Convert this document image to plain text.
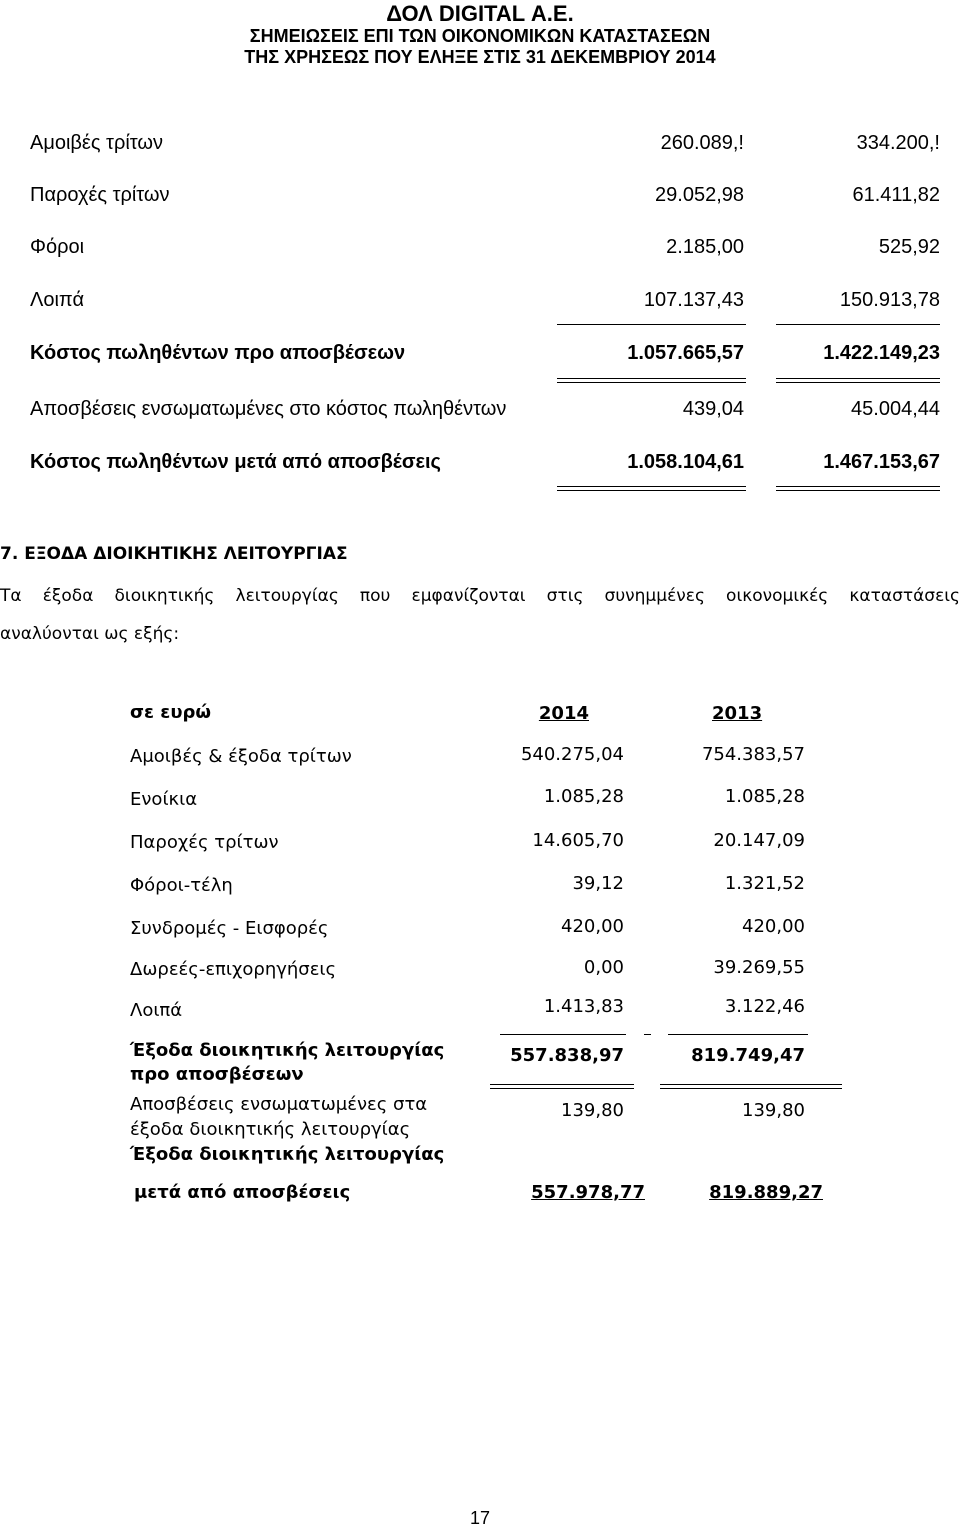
ΔΟΛ DIGITAL Α.Ε.
ΣΗΜΕΙΩΣΕΙΣ ΕΠΙ ΤΩΝ ΟΙΚΟΝΟΜΙΚΩΝ ΚΑΤΑΣΤΑΣΕΩΝ
ΤΗΣ ΧΡΗΣΕΩΣ ΠΟΥ ΕΛΗΞΕ ΣΤΙΣ 31 ΔΕΚΕΜΒΡΙΟΥ 2014
Αμοιβές τρίτων	260.089,!	334.200,!
Παροχές τρίτων	29.052,98	61.411,82
Φόροι	2.185,00	525,92
Λοιπά	107.137,43	150.913,78
Κόστος πωληθέντων προ αποσβέσεων	1.057.665,57	1.422.149,23
Αποσβέσεις ενσωματωμένες στο κόστος πωληθέντων	439,04	45.004,44
Κόστος πωληθέντων μετά από αποσβέσεις	1.058.104,61	1.467.153,67
7. ΕΞΟΔΑ ΔΙΟΙΚΗΤΙΚΗΣ ΛΕΙΤΟΥΡΓΙΑΣ
Τα έξοδα διοικητικής λειτουργίας που εμφανίζονται στις συνημμένες οικονομικές καταστάσεις
αναλύονται ως εξής:
σε ευρώ	2014	2013
Αμοιβές & έξοδα τρίτων	540.275,04	754.383,57
Ενοίκια	1.085,28	1.085,28
Παροχές τρίτων	14.605,70	20.147,09
Φόροι-τέλη	39,12	1.321,52
Συνδρομές - Εισφορές	420,00	420,00
Δωρεές-επιχορηγήσεις	0,00	39.269,55
Λοιπά	1.413,83	3.122,46
Έξοδα διοικητικής λειτουργίας
προ αποσβέσεων
557.838,97	819.749,47
Αποσβέσεις ενσωματωμένες στα
έξοδα διοικητικής λειτουργίας
139,80	139,80
Έξοδα διοικητικής λειτουργίας
μετά από αποσβέσεις	557.978,77	819.889,27
17
